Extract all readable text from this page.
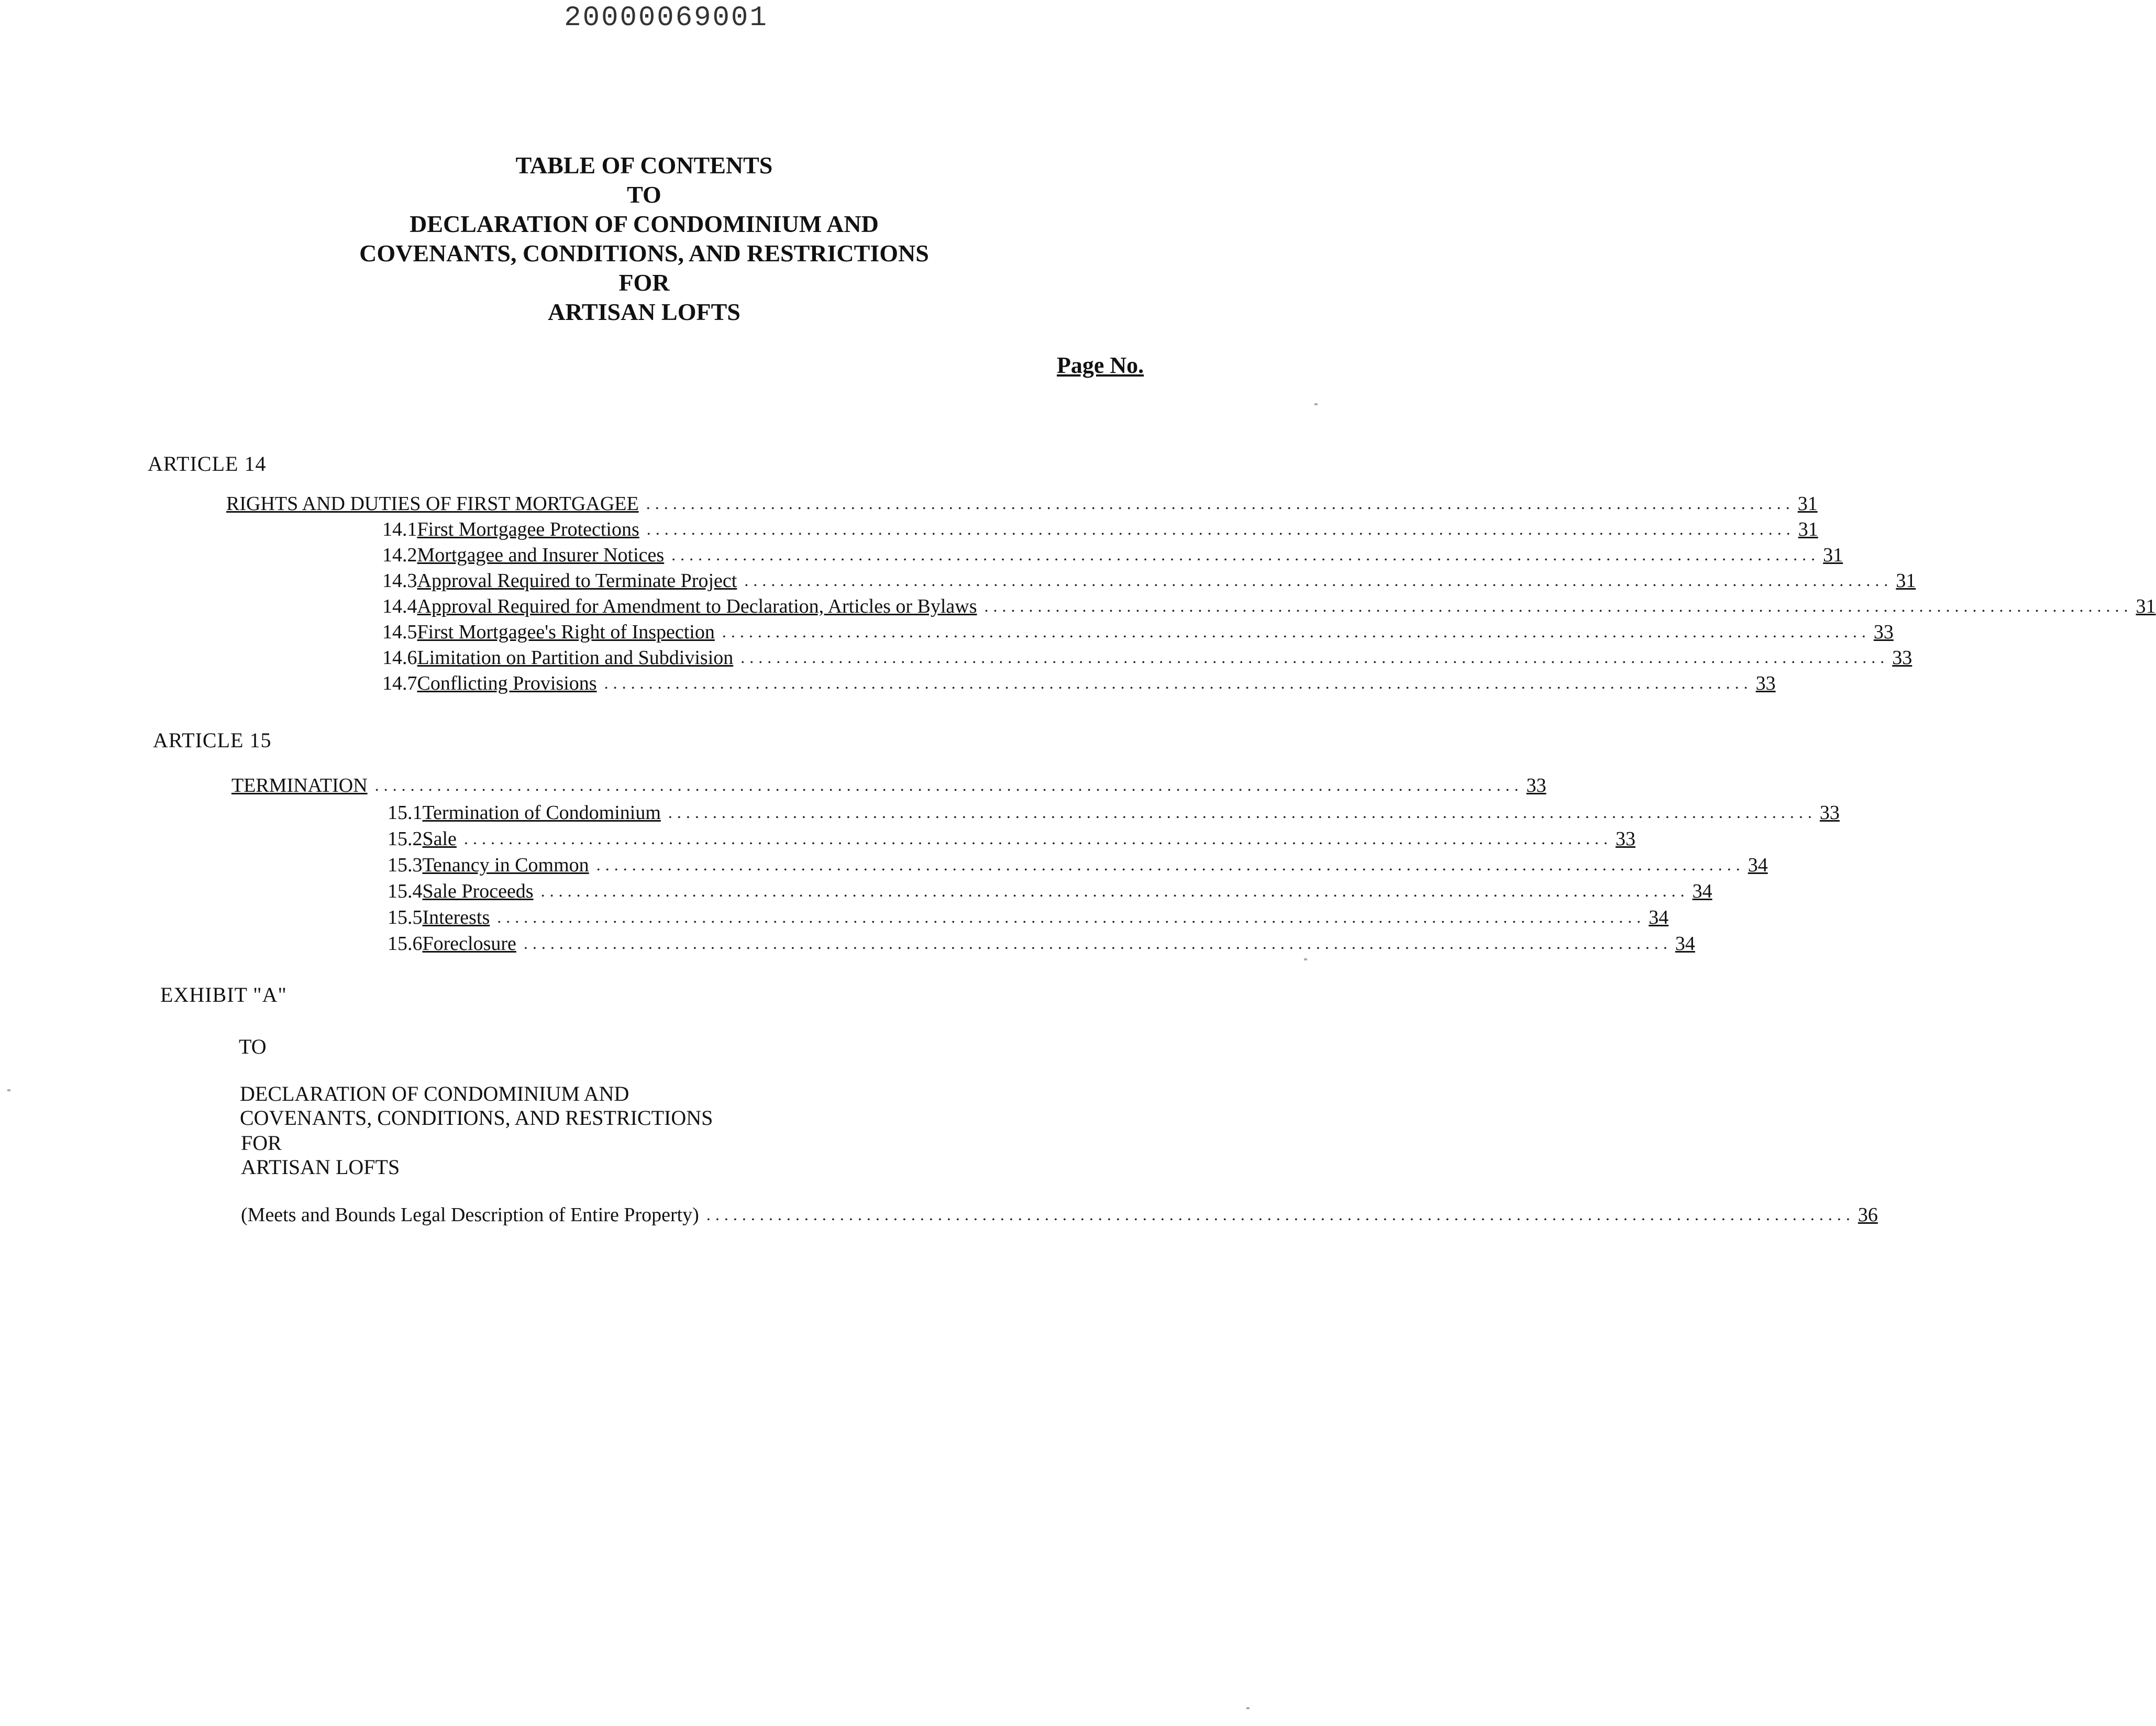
20000069001
TABLE OF CONTENTS
TO
DECLARATION OF CONDOMINIUM AND
COVENANTS, CONDITIONS, AND RESTRICTIONS
FOR
ARTISAN LOFTS
Page No.
ARTICLE 14
RIGHTS AND DUTIES OF FIRST MORTGAGEE ................................................................................................................................. 31
14.1 First Mortgagee Protections ................................................................................................................................. 31
14.2 Mortgagee and Insurer Notices ................................................................................................................................. 31
14.3 Approval Required to Terminate Project ................................................................................................................................. 31
14.4 Approval Required for Amendment to Declaration, Articles or Bylaws ................................................................................................................................. 31
14.5 First Mortgagee's Right of Inspection ................................................................................................................................. 33
14.6 Limitation on Partition and Subdivision ................................................................................................................................. 33
14.7 Conflicting Provisions ................................................................................................................................. 33
ARTICLE 15
TERMINATION ................................................................................................................................. 33
15.1 Termination of Condominium ................................................................................................................................. 33
15.2 Sale ................................................................................................................................. 33
15.3 Tenancy in Common ................................................................................................................................. 34
15.4 Sale Proceeds ................................................................................................................................. 34
15.5 Interests ................................................................................................................................. 34
15.6 Foreclosure ................................................................................................................................. 34
EXHIBIT "A"
TO
DECLARATION OF CONDOMINIUM AND
COVENANTS, CONDITIONS, AND RESTRICTIONS
FOR
ARTISAN LOFTS
(Meets and Bounds Legal Description of Entire Property) ................................................................................................................................. 36
